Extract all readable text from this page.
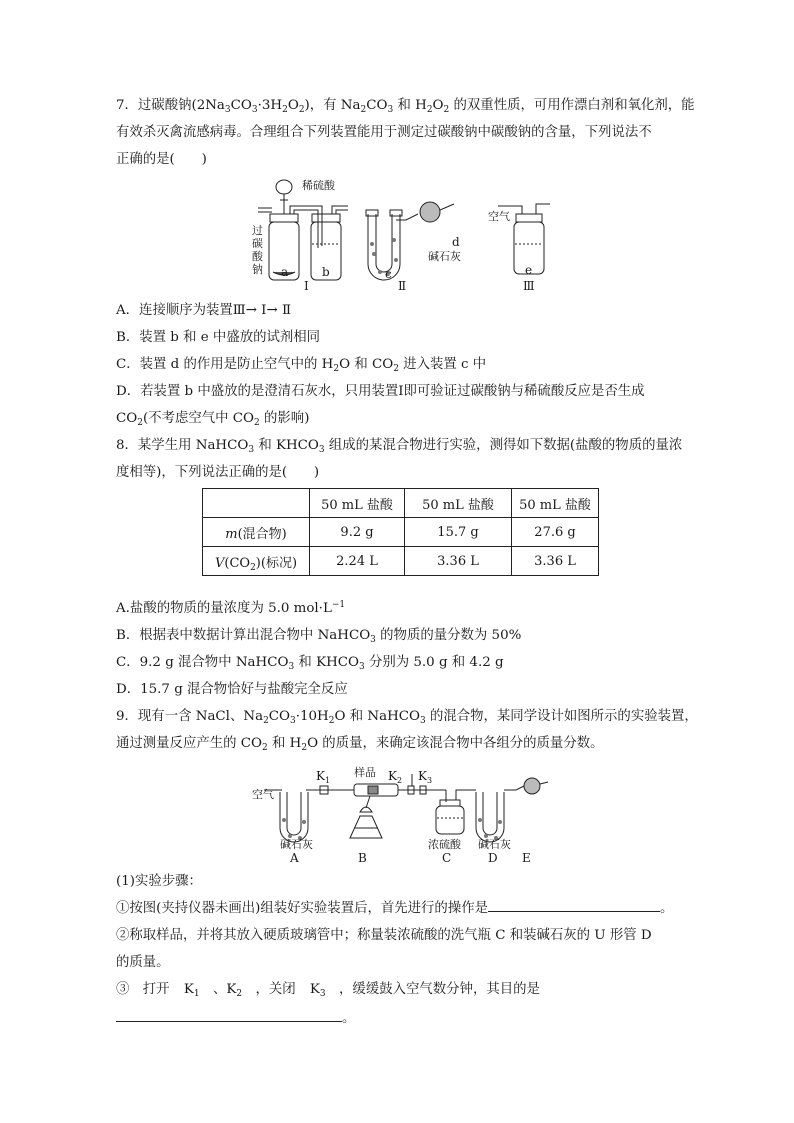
7．过碳酸钠$(2Na_3CO_3\cdot 3H_2O_2)$，有 $Na_2CO_3$ 和 $H_2O_2$ 的双重性质，可用作漂白剂和氧化剂，能

有效杀灭禽流感病毒。合理组合下列装置能用于测定过碳酸钠中碳酸钠的含量，下列说法不

正确的是(　　)

稀硫酸
过
碳
酸
钠 a	b	c
d
碱石灰
空气
e
Ⅰ	Ⅱ	Ⅲ

A．连接顺序为装置Ⅲ→ Ⅰ→ Ⅱ

B．装置 b 和 e 中盛放的试剂相同

C．装置 d 的作用是防止空气中的 $H_2O$ 和 $CO_2$ 进入装置 c 中

D．若装置 b 中盛放的是澄清石灰水，只用装置Ⅰ即可验证过碳酸钠与稀硫酸反应是否生成

$CO_2$(不考虑空气中 $CO_2$ 的影响)

8．某学生用 NaHCO$_3$ 和 $KHCO_3$ 组成的某混合物进行实验，测得如下数据(盐酸的物质的量浓

度相等)，下列说法正确的是(　　)

	50 mL 盐酸	50 mL 盐酸	50 mL 盐酸
m(混合物)	9.2 g	15.7 g	27.6 g
$V(CO_2)$(标况)	2.24 L	3.36 L	3.36 L

A.盐酸的物质的量浓度为 5.0 $mol\cdot L^{-1}$

B．根据表中数据计算出混合物中 NaHCO$_3$ 的物质的量分数为 50%

C．9.2 g 混合物中 NaHCO$_3$ 和 $KHCO_3$ 分别为 5.0 g 和 4.2 g

D．15.7 g 混合物恰好与盐酸完全反应

9．现有一含 NaCl、$Na_2CO_3\cdot 10H_2O$ 和 NaHCO$_3$ 的混合物，某同学设计如图所示的实验装置，

通过测量反应产生的 $CO_2$ 和 $H_2O$ 的质量，来确定该混合物中各组分的质量分数。

空气
$K_1$
样品 $K_2$ $K_3$
碱石灰	浓硫酸 碱石灰
A	B	C	D E

(1)实验步骤：

①按图(夹持仪器未画出)组装好实验装置后，首先进行的操作是	。

②称取样品，并将其放入硬质玻璃管中；称量装浓硫酸的洗气瓶 C 和装碱石灰的 U 形管 D

的质量。

③　打开 $K_1$　 、$K_2$　 ，关闭 $K_3$　 ，缓缓鼓入空气数分钟，其目的是

。
